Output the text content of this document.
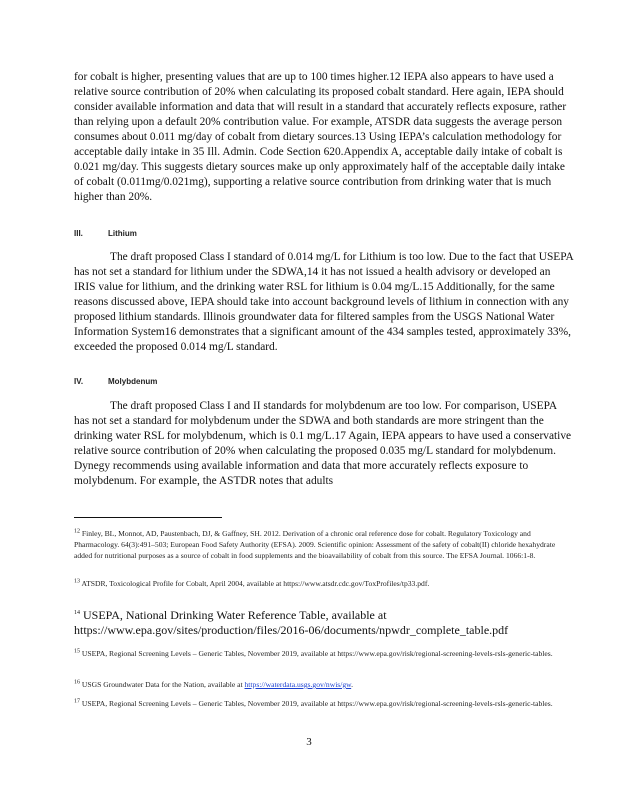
for cobalt is higher, presenting values that are up to 100 times higher.12 IEPA also appears to have used a relative source contribution of 20% when calculating its proposed cobalt standard. Here again, IEPA should consider available information and data that will result in a standard that accurately reflects exposure, rather than relying upon a default 20% contribution value. For example, ATSDR data suggests the average person consumes about 0.011 mg/day of cobalt from dietary sources.13 Using IEPA’s calculation methodology for acceptable daily intake in 35 Ill. Admin. Code Section 620.Appendix A, acceptable daily intake of cobalt is 0.021 mg/day. This suggests dietary sources make up only approximately half of the acceptable daily intake of cobalt (0.011mg/0.021mg), supporting a relative source contribution from drinking water that is much higher than 20%.

III.	Lithium

The draft proposed Class I standard of 0.014 mg/L for Lithium is too low. Due to the fact that USEPA has not set a standard for lithium under the SDWA,14 it has not issued a health advisory or developed an IRIS value for lithium, and the drinking water RSL for lithium is 0.04 mg/L.15 Additionally, for the same reasons discussed above, IEPA should take into account background levels of lithium in connection with any proposed lithium standards. Illinois groundwater data for filtered samples from the USGS National Water Information System16 demonstrates that a significant amount of the 434 samples tested, approximately 33%, exceeded the proposed 0.014 mg/L standard.

IV.	Molybdenum

The draft proposed Class I and II standards for molybdenum are too low. For comparison, USEPA has not set a standard for molybdenum under the SDWA and both standards are more stringent than the drinking water RSL for molybdenum, which is 0.1 mg/L.17 Again, IEPA appears to have used a conservative relative source contribution of 20% when calculating the proposed 0.035 mg/L standard for molybdenum. Dynegy recommends using available information and data that more accurately reflects exposure to molybdenum. For example, the ASTDR notes that adults

$^{12}$ Finley, BL, Monnot, AD, Paustenbach, DJ, & Gaffney, SH. 2012. Derivation of a chronic oral reference dose for cobalt. Regulatory Toxicology and Pharmacology. 64(3):491–503; European Food Safety Authority (EFSA). 2009. Scientific opinion: Assessment of the safety of cobalt(II) chloride hexahydrate added for nutritional purposes as a source of cobalt in food supplements and the bioavailability of cobalt from this source. The EFSA Journal. 1066:1-8.

$^{13}$ ATSDR, Toxicological Profile for Cobalt, April 2004, available at https://www.atsdr.cdc.gov/ToxProfiles/tp33.pdf.

$^{14}$ USEPA, National Drinking Water Reference Table, available at https://www.epa.gov/sites/production/files/2016-06/documents/npwdr_complete_table.pdf

$^{15}$ USEPA, Regional Screening Levels – Generic Tables, November 2019, available at https://www.epa.gov/risk/regional-screening-levels-rsls-generic-tables.

$^{16}$ USGS Groundwater Data for the Nation, available at https://waterdata.usgs.gov/nwis/gw.

$^{17}$ USEPA, Regional Screening Levels – Generic Tables, November 2019, available at https://www.epa.gov/risk/regional-screening-levels-rsls-generic-tables.

3
